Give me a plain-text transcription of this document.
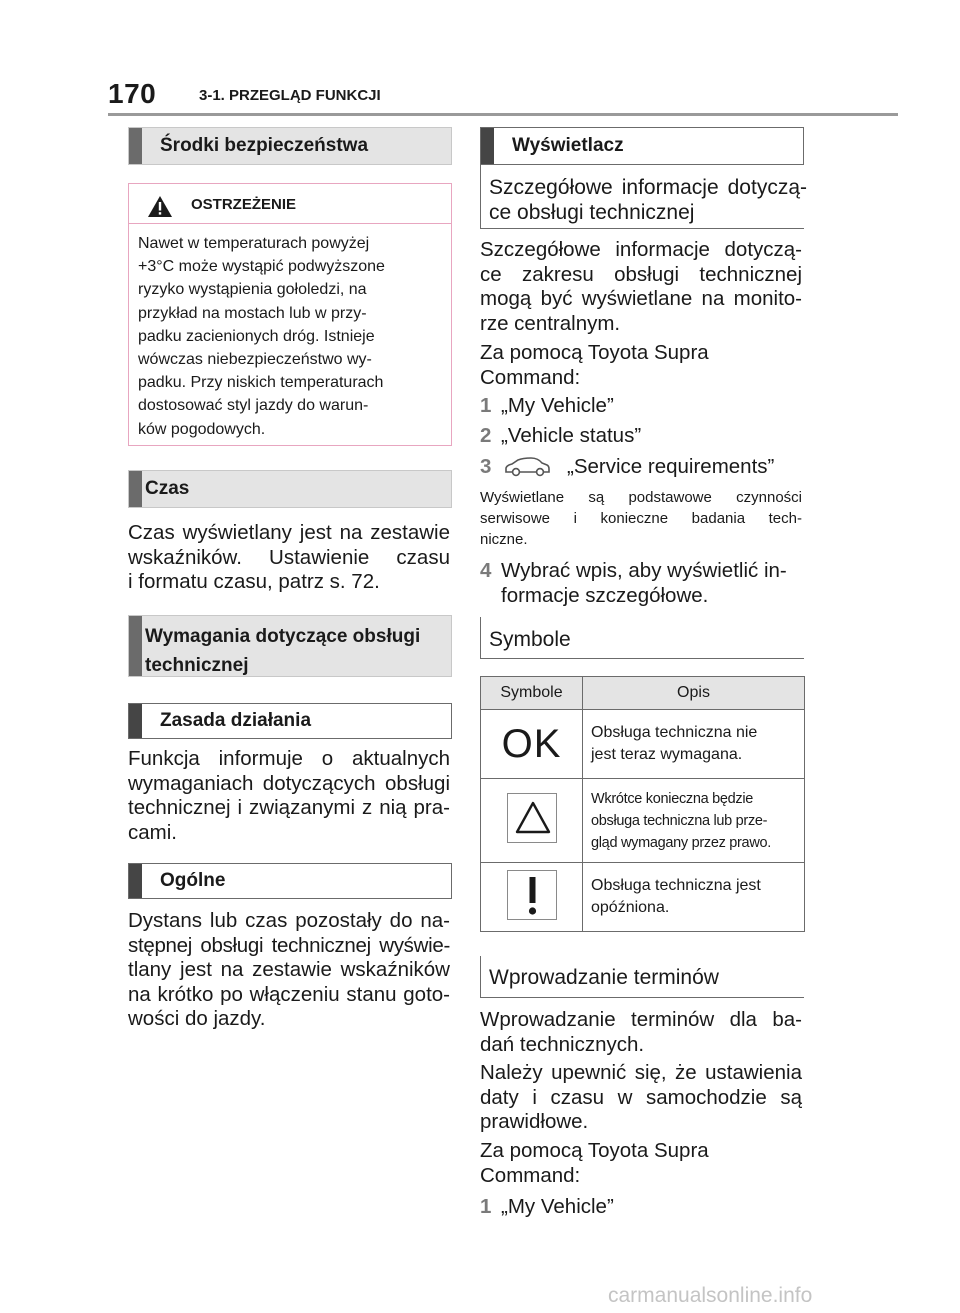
170	3-1. PRZEGLĄD FUNKCJI
Środki bezpieczeństwa
OSTRZEŻENIE
Nawet w temperaturach powyżej
+3°C może wystąpić podwyższone
ryzyko wystąpienia gołoledzi, na
przykład na mostach lub w przy-
padku zacienionych dróg. Istnieje
wówczas niebezpieczeństwo wy-
padku. Przy niskich temperaturach
dostosować styl jazdy do warun-
ków pogodowych.
Czas
Czas wyświetlany jest na zestawie
wskaźników. Ustawienie czasu
i formatu czasu, patrz s. 72.
Wymagania dotyczące obsługi
technicznej
Zasada działania
Funkcja informuje o aktualnych
wymaganiach dotyczących obsługi
technicznej i związanymi z nią pra-
cami.
Ogólne
Dystans lub czas pozostały do na-
stępnej obsługi technicznej wyświe-
tlany jest na zestawie wskaźników
na krótko po włączeniu stanu goto-
wości do jazdy.
Wyświetlacz
Szczegółowe informacje dotyczą-
ce obsługi technicznej
Szczegółowe informacje dotyczą-
ce zakresu obsługi technicznej
mogą być wyświetlane na monito-
rze centralnym.
Za pomocą Toyota Supra
Command:
1 „My Vehicle”
2 „Vehicle status”
3	„Service requirements”
Wyświetlane są podstawowe czynności
serwisowe i konieczne badania tech-
niczne.
4 Wybrać wpis, aby wyświetlić in-
formacje szczegółowe.
Symbole
Symbole	Opis
OK	Obsługa techniczna nie
jest teraz wymagana.

Wkrótce konieczna będzie
obsługa techniczna lub prze-
gląd wymagany przez prawo.

Obsługa techniczna jest
opóźniona.
Wprowadzanie terminów
Wprowadzanie terminów dla ba-
dań technicznych.
Należy upewnić się, że ustawienia
daty i czasu w samochodzie są
prawidłowe.
Za pomocą Toyota Supra
Command:
1 „My Vehicle”
carmanualsonline.info
